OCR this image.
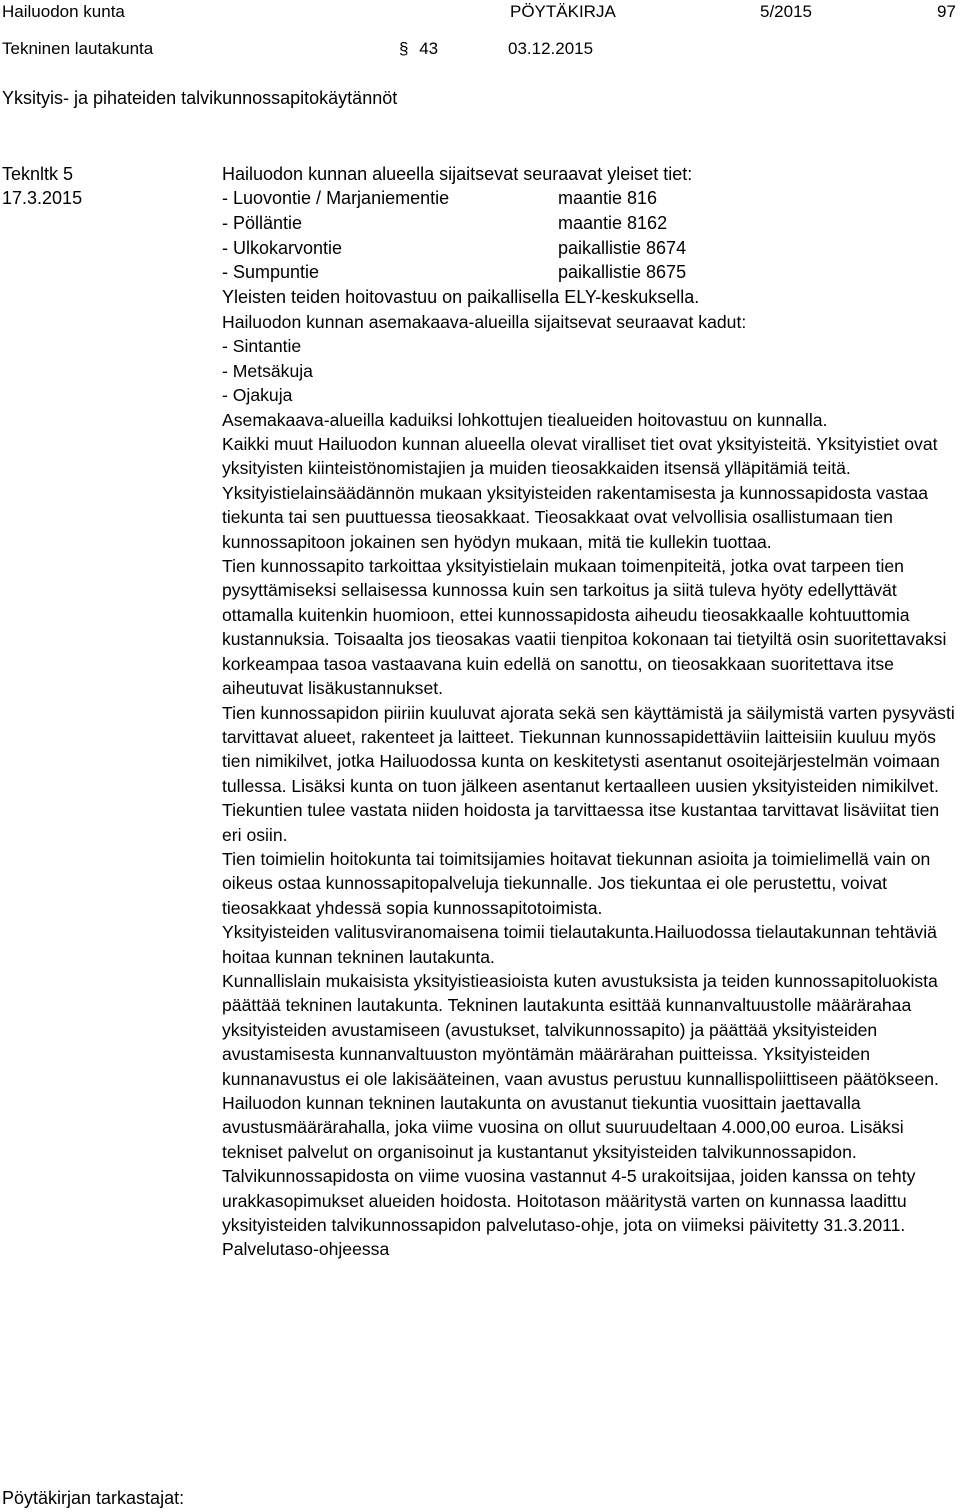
Hailuodon kunta	PÖYTÄKIRJA	5/2015	97
Tekninen lautakunta	§ 43	03.12.2015
Yksityis- ja pihateiden talvikunnossapitokäytännöt
Teknltk 5
17.3.2015
Hailuodon kunnan alueella sijaitsevat seuraavat yleiset tiet:
- Luovontie / Marjaniementie	maantie 816
- Pölläntie	maantie 8162
- Ulkokarvontie	paikallistie 8674
- Sumpuntie	paikallistie 8675
Yleisten teiden hoitovastuu on paikallisella ELY-keskuksella.

Hailuodon kunnan asemakaava-alueilla sijaitsevat seuraavat kadut:

- Sintantie

- Metsäkuja

- Ojakuja

Asemakaava-alueilla kaduiksi lohkottujen tiealueiden hoitovastuu on kunnalla.

Kaikki muut Hailuodon kunnan alueella olevat viralliset tiet ovat yksityisteitä. Yksityistiet ovat yksityisten kiinteistönomistajien ja muiden tieosakkaiden itsensä ylläpitämiä teitä. Yksityistielainsäädännön mukaan yksityisteiden rakentamisesta ja kunnossapidosta vastaa tiekunta tai sen puuttuessa tieosakkaat. Tieosakkaat ovat velvollisia osallistumaan tien kunnossapitoon jokainen sen hyödyn mukaan, mitä tie kullekin tuottaa.

Tien kunnossapito tarkoittaa yksityistielain mukaan toimenpiteitä, jotka ovat tarpeen tien pysyttämiseksi sellaisessa kunnossa kuin sen tarkoitus ja siitä tuleva hyöty edellyttävät ottamalla kuitenkin huomioon, ettei kunnossapidosta aiheudu tieosakkaalle kohtuuttomia kustannuksia. Toisaalta jos tieosakas vaatii tienpitoa kokonaan tai tietyiltä osin suoritettavaksi korkeampaa tasoa vastaavana kuin edellä on sanottu, on tieosakkaan suoritettava itse aiheutuvat lisäkustannukset.

Tien kunnossapidon piiriin kuuluvat ajorata sekä sen käyttämistä ja säilymistä varten pysyvästi tarvittavat alueet, rakenteet ja laitteet. Tiekunnan kunnossapidettäviin laitteisiin kuuluu myös tien nimikilvet, jotka Hailuodossa kunta on keskitetysti asentanut osoitejärjestelmän voimaan tullessa. Lisäksi kunta on tuon jälkeen asentanut kertaalleen uusien yksityisteiden nimikilvet. Tiekuntien tulee vastata niiden hoidosta ja tarvittaessa itse kustantaa tarvittavat lisäviitat tien eri osiin.

Tien toimielin hoitokunta tai toimitsijamies hoitavat tiekunnan asioita ja toimielimellä vain on oikeus ostaa kunnossapitopalveluja tiekunnalle. Jos tiekuntaa ei ole perustettu, voivat tieosakkaat yhdessä sopia kunnossapitotoimista.

Yksityisteiden valitusviranomaisena toimii tielautakunta.Hailuodossa tielautakunnan tehtäviä hoitaa kunnan tekninen lautakunta.

Kunnallislain mukaisista yksityistieasioista kuten avustuksista ja teiden kunnossapitoluokista päättää tekninen lautakunta. Tekninen lautakunta esittää kunnanvaltuustolle määrärahaa yksityisteiden avustamiseen (avustukset, talvikunnossapito) ja päättää yksityisteiden avustamisesta kunnanvaltuuston myöntämän määrärahan puitteissa. Yksityisteiden kunnanavustus ei ole lakisääteinen, vaan avustus perustuu kunnallispoliittiseen päätökseen.

Hailuodon kunnan tekninen lautakunta on avustanut tiekuntia vuosittain jaettavalla avustusmäärärahalla, joka viime vuosina on ollut suuruudeltaan 4.000,00 euroa. Lisäksi tekniset palvelut on organisoinut ja kustantanut yksityisteiden talvikunnossapidon.

Talvikunnossapidosta on viime vuosina vastannut 4-5 urakoitsijaa, joiden kanssa on tehty urakkasopimukset alueiden hoidosta. Hoitotason määritystä varten on kunnassa laadittu yksityisteiden talvikunnossapidon palvelutaso-ohje, jota on viimeksi päivitetty 31.3.2011. Palvelutaso-ohjeessa

Pöytäkirjan tarkastajat:
